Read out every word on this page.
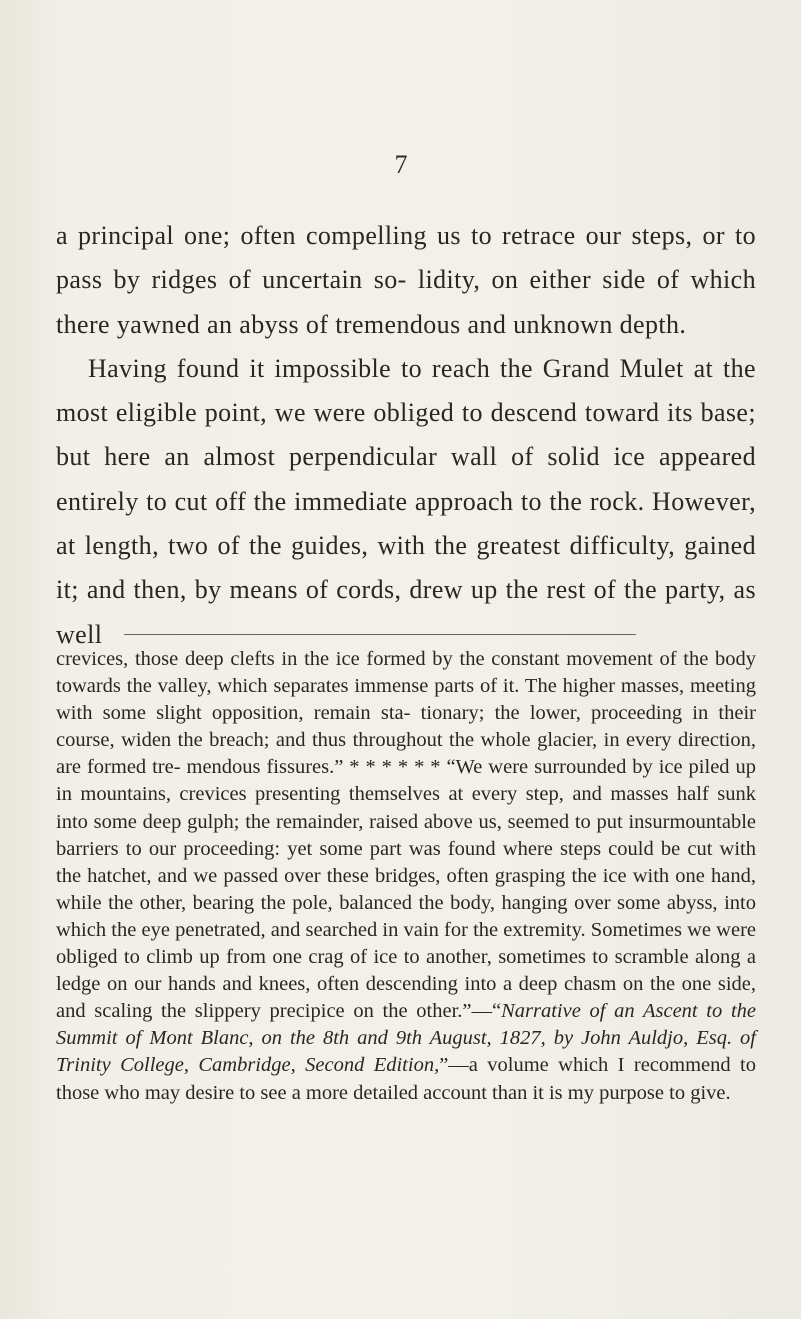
7

a principal one; often compelling us to retrace our steps, or to pass by ridges of uncertain so- lidity, on either side of which there yawned an abyss of tremendous and unknown depth.

Having found it impossible to reach the Grand Mulet at the most eligible point, we were obliged to descend toward its base; but here an almost perpendicular wall of solid ice appeared entirely to cut off the immediate approach to the rock. However, at length, two of the guides, with the greatest difficulty, gained it; and then, by means of cords, drew up the rest of the party, as well

crevices, those deep clefts in the ice formed by the constant movement of the body towards the valley, which separates immense parts of it. The higher masses, meeting with some slight opposition, remain sta- tionary; the lower, proceeding in their course, widen the breach; and thus throughout the whole glacier, in every direction, are formed tre- mendous fissures.” * * * * * * “We were surrounded by ice piled up in mountains, crevices presenting themselves at every step, and masses half sunk into some deep gulph; the remainder, raised above us, seemed to put insurmountable barriers to our proceeding: yet some part was found where steps could be cut with the hatchet, and we passed over these bridges, often grasping the ice with one hand, while the other, bearing the pole, balanced the body, hanging over some abyss, into which the eye penetrated, and searched in vain for the extremity. Sometimes we were obliged to climb up from one crag of ice to another, sometimes to scramble along a ledge on our hands and knees, often descending into a deep chasm on the one side, and scaling the slippery precipice on the other.”—“Narrative of an Ascent to the Summit of Mont Blanc, on the 8th and 9th August, 1827, by John Auldjo, Esq. of Trinity College, Cambridge, Second Edition,”—a volume which I recommend to those who may desire to see a more detailed account than it is my purpose to give.
